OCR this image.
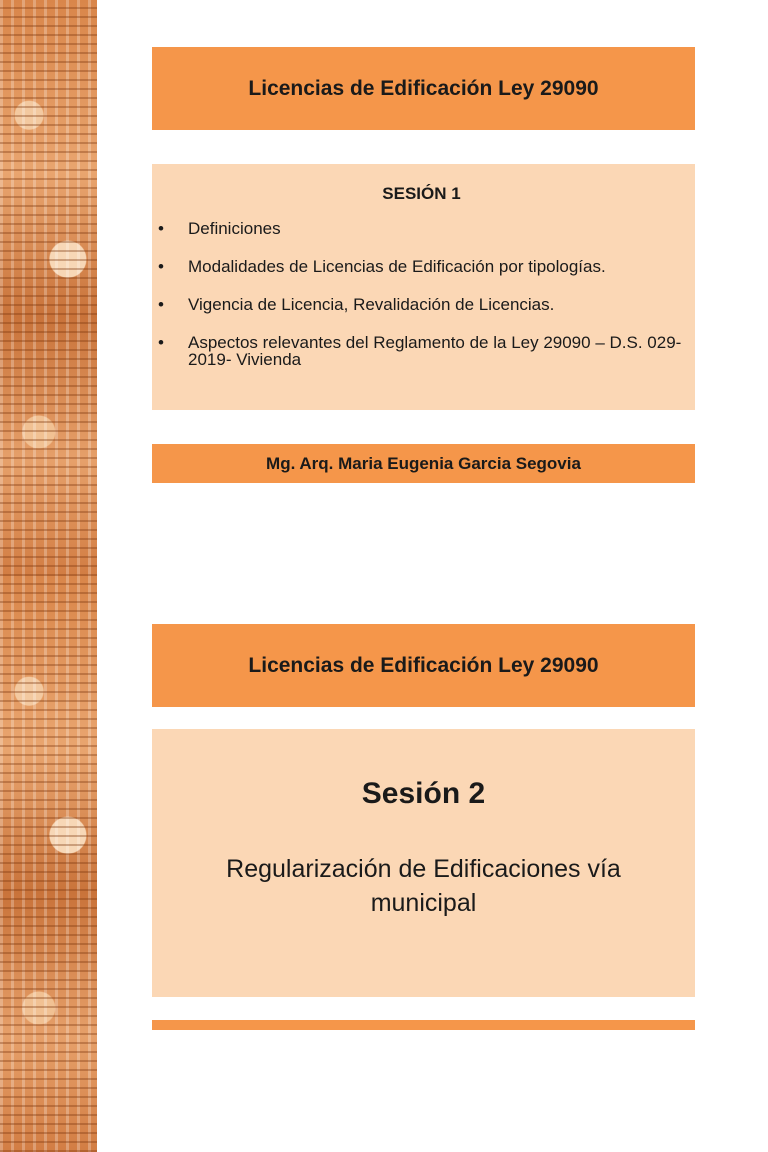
Licencias de Edificación Ley 29090
SESIÓN 1
•	Definiciones
•	Modalidades de Licencias de Edificación por tipologías.
•	Vigencia de Licencia, Revalidación de Licencias.
•	Aspectos relevantes del Reglamento de la Ley 29090 – D.S. 029-2019- Vivienda
Mg. Arq. Maria Eugenia Garcia Segovia
Licencias de Edificación Ley 29090
Sesión 2
Regularización de Edificaciones vía municipal
